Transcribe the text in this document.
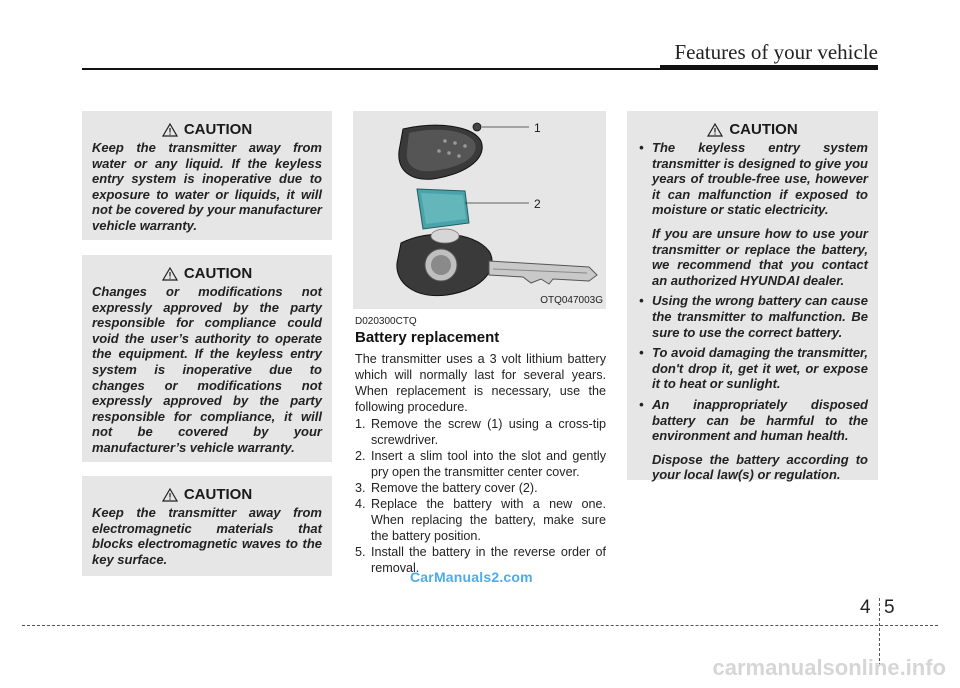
Features of your vehicle
CAUTION
Keep the transmitter away from water or any liquid. If the keyless entry system is inoperative due to exposure to water or liquids, it will not be covered by your manufacturer vehicle warranty.
CAUTION
Changes or modifications not expressly approved by the party responsible for compliance could void the user’s authority to operate the equipment. If the keyless entry system is inoperative due to changes or modifications not expressly approved by the party responsible for compliance, it will not be covered by your manufacturer’s vehicle warranty.
CAUTION
Keep the transmitter away from electromagnetic materials that blocks electromagnetic waves to the key surface.
1
2
OTQ047003G
D020300CTQ
Battery replacement

The transmitter uses a 3 volt lithium battery which will normally last for several years. When replacement is necessary, use the following procedure.

1. Remove the screw (1) using a cross-tip screwdriver.
2. Insert a slim tool into the slot and gently pry open the transmitter center cover.
3. Remove the battery cover (2).
4. Replace the battery with a new one. When replacing the battery, make sure the battery position.
5. Install the battery in the reverse order of removal.
CarManuals2.com
CAUTION
• The keyless entry system transmitter is designed to give you years of trouble-free use, however it can malfunction if exposed to moisture or static electricity.
If you are unsure how to use your transmitter or replace the battery, we recommend that you contact an authorized HYUNDAI dealer.
• Using the wrong battery can cause the transmitter to malfunction. Be sure to use the correct battery.
• To avoid damaging the transmitter, don't drop it, get it wet, or expose it to heat or sunlight.
• An inappropriately disposed battery can be harmful to the environment and human health.
Dispose the battery according to your local law(s) or regulation.
4 5
carmanualsonline.info
